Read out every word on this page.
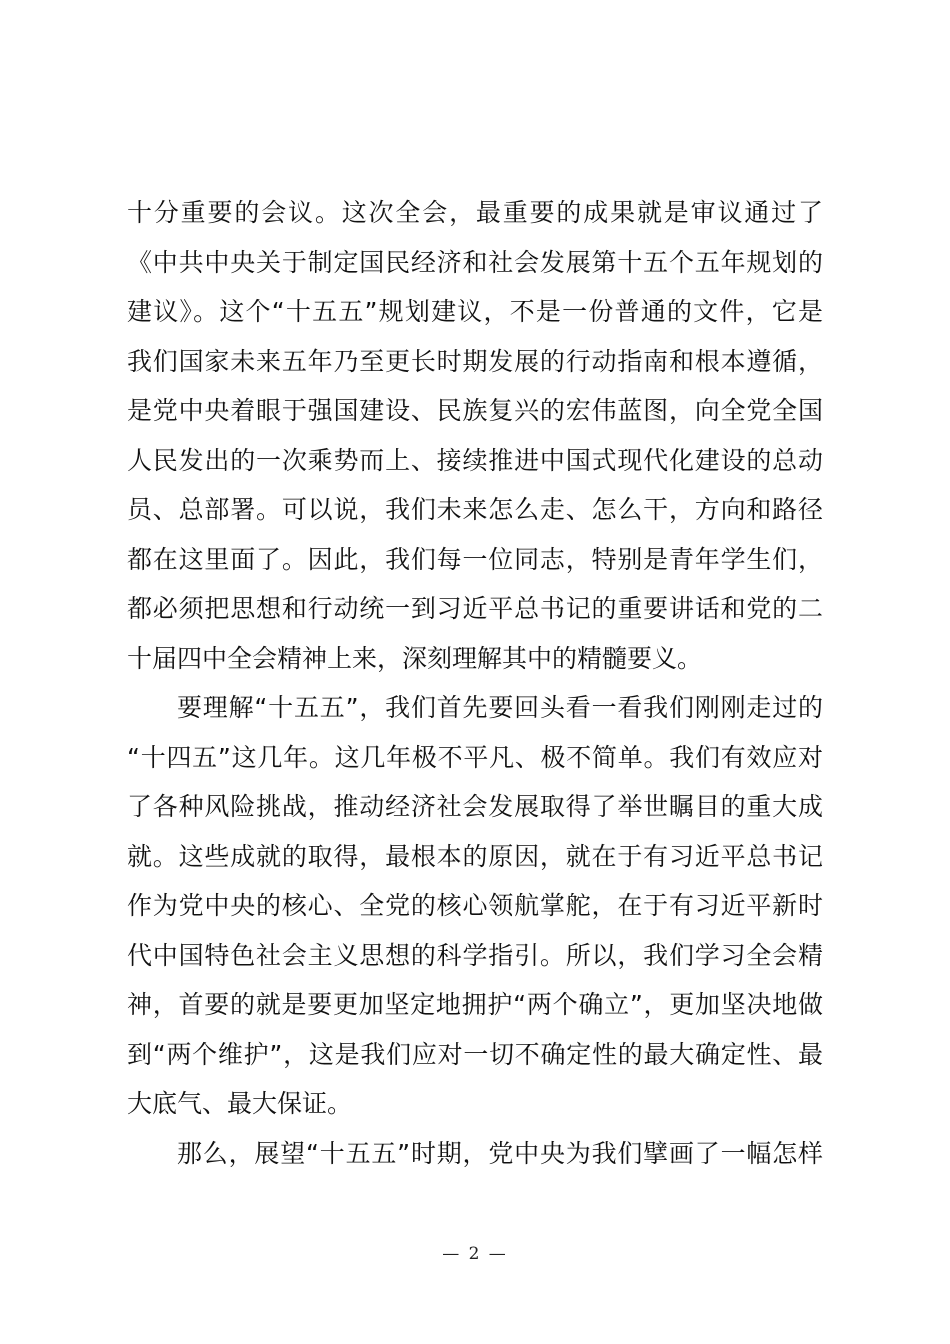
十分重要的会议。这次全会，最重要的成果就是审议通过了
《中共中央关于制定国民经济和社会发展第十五个五年规划的
建议》。这个“十五五”规划建议，不是一份普通的文件，它是
我们国家未来五年乃至更长时期发展的行动指南和根本遵循，
是党中央着眼于强国建设、民族复兴的宏伟蓝图，向全党全国
人民发出的一次乘势而上、接续推进中国式现代化建设的总动
员、总部署。可以说，我们未来怎么走、怎么干，方向和路径
都在这里面了。因此，我们每一位同志，特别是青年学生们，
都必须把思想和行动统一到习近平总书记的重要讲话和党的二
十届四中全会精神上来，深刻理解其中的精髓要义。
要理解“十五五”，我们首先要回头看一看我们刚刚走过的
“十四五”这几年。这几年极不平凡、极不简单。我们有效应对
了各种风险挑战，推动经济社会发展取得了举世瞩目的重大成
就。这些成就的取得，最根本的原因，就在于有习近平总书记
作为党中央的核心、全党的核心领航掌舵，在于有习近平新时
代中国特色社会主义思想的科学指引。所以，我们学习全会精
神，首要的就是要更加坚定地拥护“两个确立”，更加坚决地做
到“两个维护”，这是我们应对一切不确定性的最大确定性、最
大底气、最大保证。
那么，展望“十五五”时期，党中央为我们擘画了一幅怎样
— 2 —
